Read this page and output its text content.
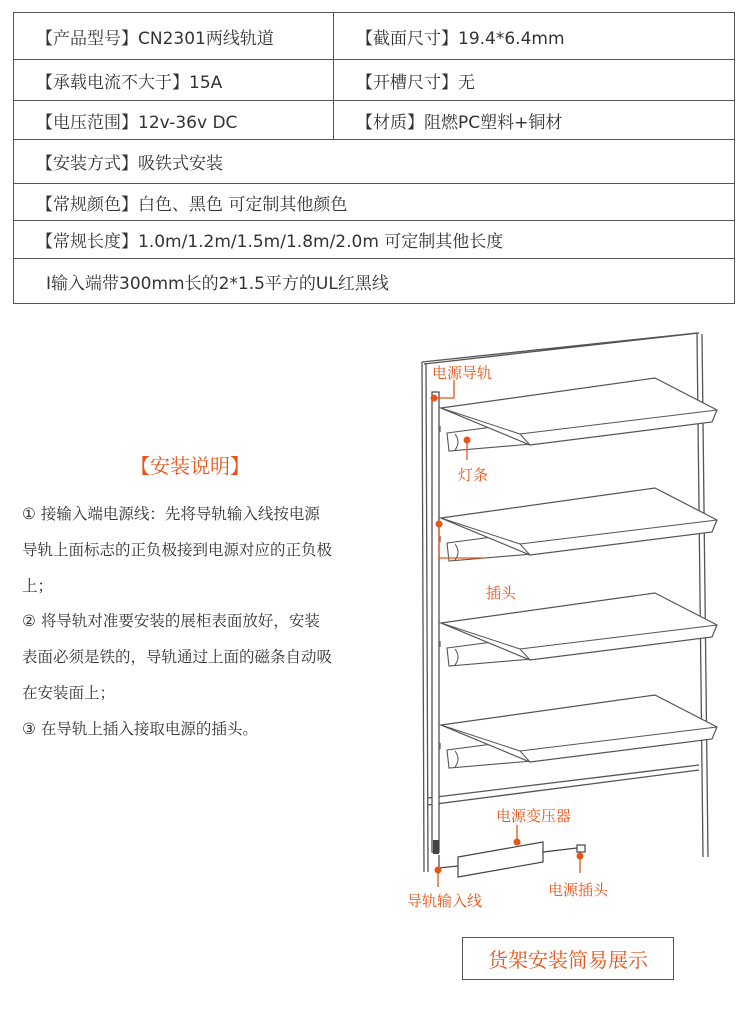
【产品型号】CN2301两线轨道	【截面尺寸】19.4*6.4mm
【承载电流不大于】15A	【开槽尺寸】无
【电压范围】12v-36v DC	【材质】阻燃PC塑料+铜材
【安装方式】吸铁式安装	
【常规颜色】白色、黑色 可定制其他颜色	
【常规长度】1.0m/1.2m/1.5m/1.8m/2.0m 可定制其他长度	
I输入端带300mm长的2*1.5平方的UL红黑线	
【安装说明】

① 接输入端电源线：先将导轨输入线按电源

导轨上面标志的正负极接到电源对应的正负极

上；

② 将导轨对准要安装的展柜表面放好，安装

表面必须是铁的，导轨通过上面的磁条自动吸

在安装面上；

③ 在导轨上插入接取电源的插头。

电源导轨
灯条
插头
电源变压器
导轨输入线
电源插头
货架安装简易展示
